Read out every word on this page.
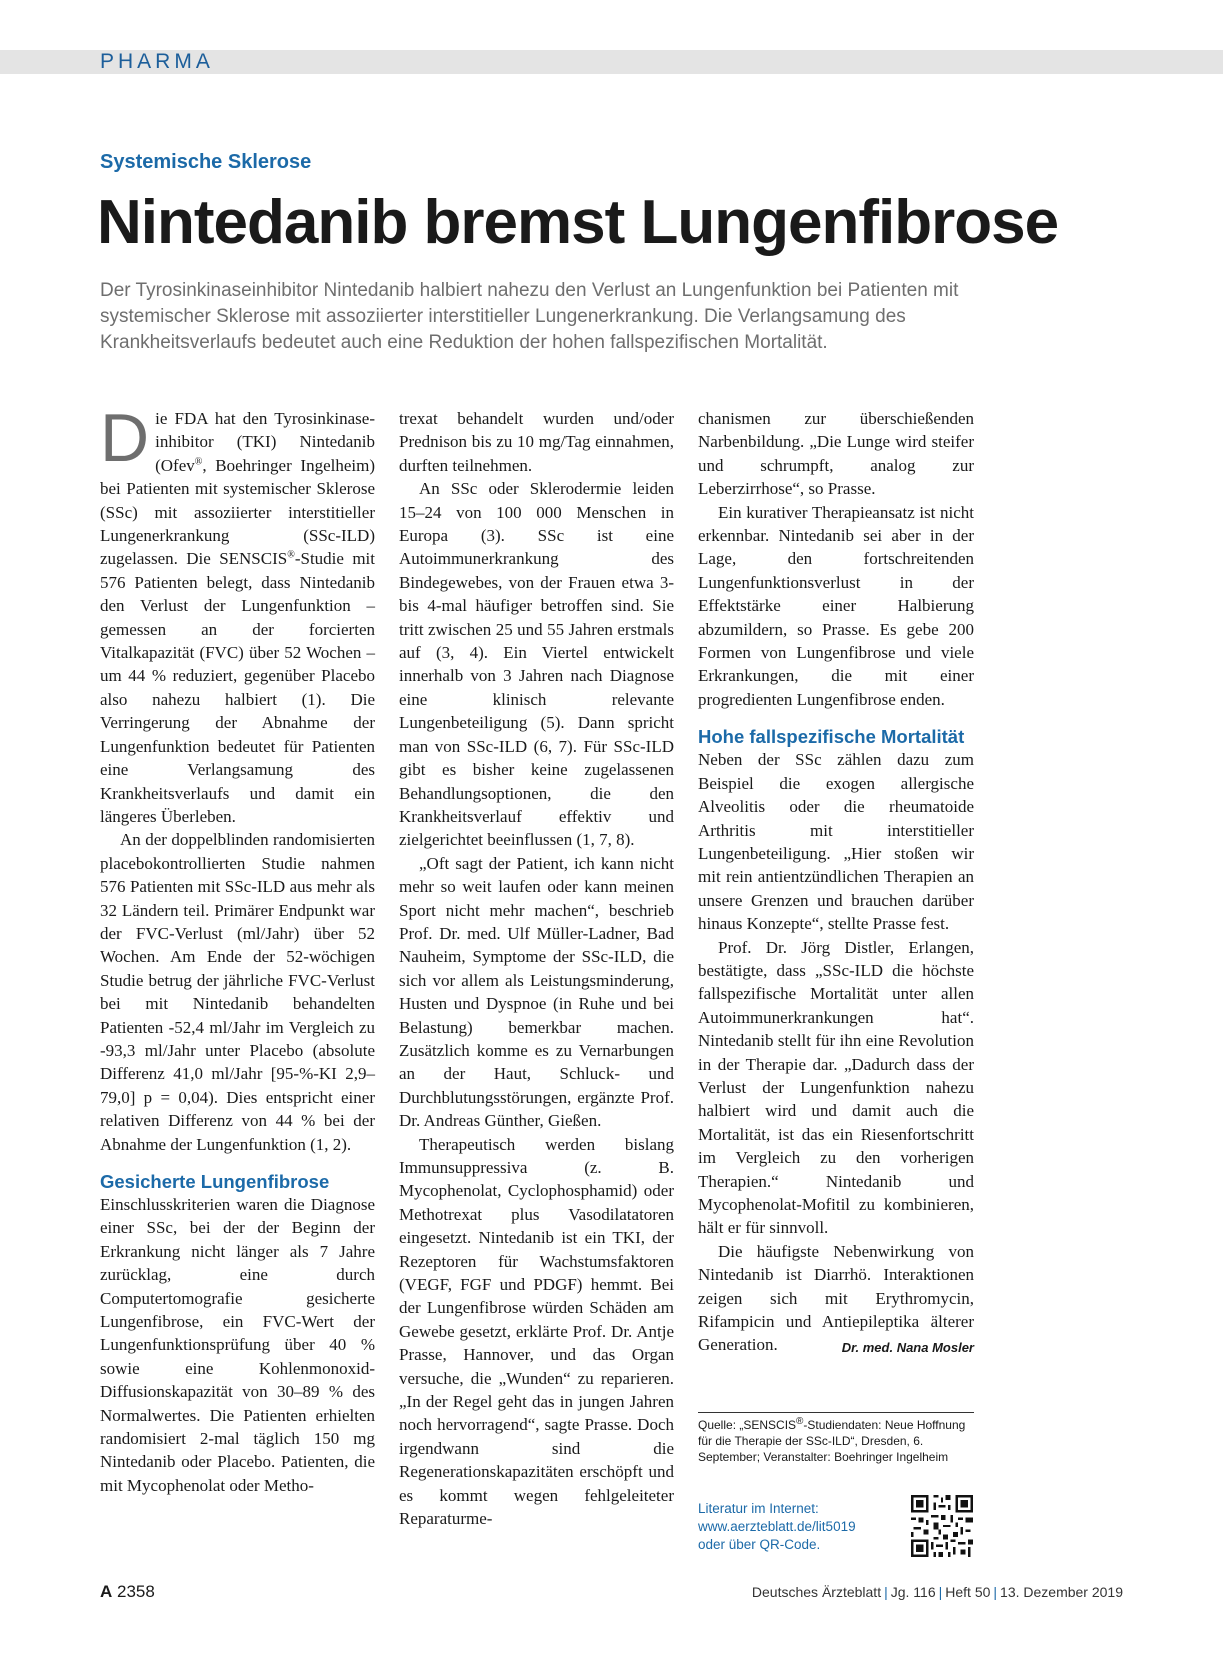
PHARMA
Systemische Sklerose
Nintedanib bremst Lungenfibrose

Der Tyrosinkinaseinhibitor Nintedanib halbiert nahezu den Verlust an Lungenfunktion bei Patienten mit systemischer Sklerose mit assoziierter interstitieller Lungenerkrankung. Die Verlangsamung des Krankheitsverlaufs bedeutet auch eine Reduktion der hohen fallspezifischen Mortalität.

Die FDA hat den Tyrosinkinaseinhibitor (TKI) Nintedanib (Ofev®, Boehringer Ingelheim) bei Patienten mit systemischer Sklerose (SSc) mit assoziierter interstitieller Lungenerkrankung (SSc-ILD) zugelassen. Die SENSCIS®-Studie mit 576 Patienten belegt, dass Nintedanib den Verlust der Lungenfunktion – gemessen an der forcierten Vitalkapazität (FVC) über 52 Wochen – um 44 % reduziert, gegenüber Placebo also nahezu halbiert (1). Die Verringerung der Abnahme der Lungenfunktion bedeutet für Patienten eine Verlangsamung des Krankheitsverlaufs und damit ein längeres Überleben.

An der doppelblinden randomisierten placebokontrollierten Studie nahmen 576 Patienten mit SSc-ILD aus mehr als 32 Ländern teil. Primärer Endpunkt war der FVC-Verlust (ml/Jahr) über 52 Wochen. Am Ende der 52-wöchigen Studie betrug der jährliche FVC-Verlust bei mit Nintedanib behandelten Patienten -52,4 ml/Jahr im Vergleich zu -93,3 ml/Jahr unter Placebo (absolute Differenz 41,0 ml/Jahr [95-%-KI 2,9–79,0] p = 0,04). Dies entspricht einer relativen Differenz von 44 % bei der Abnahme der Lungenfunktion (1, 2).

Gesicherte Lungenfibrose

Einschlusskriterien waren die Diagnose einer SSc, bei der der Beginn der Erkrankung nicht länger als 7 Jahre zurücklag, eine durch Computertomografie gesicherte Lungenfibrose, ein FVC-Wert der Lungenfunktionsprüfung über 40 % sowie eine Kohlenmonoxid-Diffusionskapazität von 30–89 % des Normalwertes. Die Patienten erhielten randomisiert 2-mal täglich 150 mg Nintedanib oder Placebo. Patienten, die mit Mycophenolat oder Metho-

trexat behandelt wurden und/oder Prednison bis zu 10 mg/Tag einnahmen, durften teilnehmen.

An SSc oder Sklerodermie leiden 15–24 von 100 000 Menschen in Europa (3). SSc ist eine Autoimmunerkrankung des Bindegewebes, von der Frauen etwa 3- bis 4-mal häufiger betroffen sind. Sie tritt zwischen 25 und 55 Jahren erstmals auf (3, 4). Ein Viertel entwickelt innerhalb von 3 Jahren nach Diagnose eine klinisch relevante Lungenbeteiligung (5). Dann spricht man von SSc-ILD (6, 7). Für SSc-ILD gibt es bisher keine zugelassenen Behandlungsoptionen, die den Krankheitsverlauf effektiv und zielgerichtet beeinflussen (1, 7, 8).

„Oft sagt der Patient, ich kann nicht mehr so weit laufen oder kann meinen Sport nicht mehr machen“, beschrieb Prof. Dr. med. Ulf Müller-Ladner, Bad Nauheim, Symptome der SSc-ILD, die sich vor allem als Leistungsminderung, Husten und Dyspnoe (in Ruhe und bei Belastung) bemerkbar machen. Zusätzlich komme es zu Vernarbungen an der Haut, Schluck- und Durchblutungsstörungen, ergänzte Prof. Dr. Andreas Günther, Gießen.

Therapeutisch werden bislang Immunsuppressiva (z. B. Mycophenolat, Cyclophosphamid) oder Methotrexat plus Vasodilatatoren eingesetzt. Nintedanib ist ein TKI, der Rezeptoren für Wachstumsfaktoren (VEGF, FGF und PDGF) hemmt. Bei der Lungenfibrose würden Schäden am Gewebe gesetzt, erklärte Prof. Dr. Antje Prasse, Hannover, und das Organ versuche, die „Wunden“ zu reparieren. „In der Regel geht das in jungen Jahren noch hervorragend“, sagte Prasse. Doch irgendwann sind die Regenerationskapazitäten erschöpft und es kommt wegen fehlgeleiteter Reparaturme-

chanismen zur überschießenden Narbenbildung. „Die Lunge wird steifer und schrumpft, analog zur Leberzirrhose“, so Prasse.

Ein kurativer Therapieansatz ist nicht erkennbar. Nintedanib sei aber in der Lage, den fortschreitenden Lungenfunktionsverlust in der Effektstärke einer Halbierung abzumildern, so Prasse. Es gebe 200 Formen von Lungenfibrose und viele Erkrankungen, die mit einer progredienten Lungenfibrose enden.

Hohe fallspezifische Mortalität

Neben der SSc zählen dazu zum Beispiel die exogen allergische Alveolitis oder die rheumatoide Arthritis mit interstitieller Lungenbeteiligung. „Hier stoßen wir mit rein antientzündlichen Therapien an unsere Grenzen und brauchen darüber hinaus Konzepte“, stellte Prasse fest.

Prof. Dr. Jörg Distler, Erlangen, bestätigte, dass „SSc-ILD die höchste fallspezifische Mortalität unter allen Autoimmunerkrankungen hat“. Nintedanib stellt für ihn eine Revolution in der Therapie dar. „Dadurch dass der Verlust der Lungenfunktion nahezu halbiert wird und damit auch die Mortalität, ist das ein Riesenfortschritt im Vergleich zu den vorherigen Therapien.“ Nintedanib und Mycophenolat-Mofitil zu kombinieren, hält er für sinnvoll.

Die häufigste Nebenwirkung von Nintedanib ist Diarrhö. Interaktionen zeigen sich mit Erythromycin, Rifampicin und Antiepileptika älterer Generation.	Dr. med. Nana Mosler

Quelle: „SENSCIS®-Studiendaten: Neue Hoffnung für die Therapie der SSc-ILD“, Dresden, 6. September; Veranstalter: Boehringer Ingelheim
Literatur im Internet:
www.aerzteblatt.de/lit5019
oder über QR-Code.
A 2358	Deutsches Ärzteblatt | Jg. 116 | Heft 50 | 13. Dezember 2019
